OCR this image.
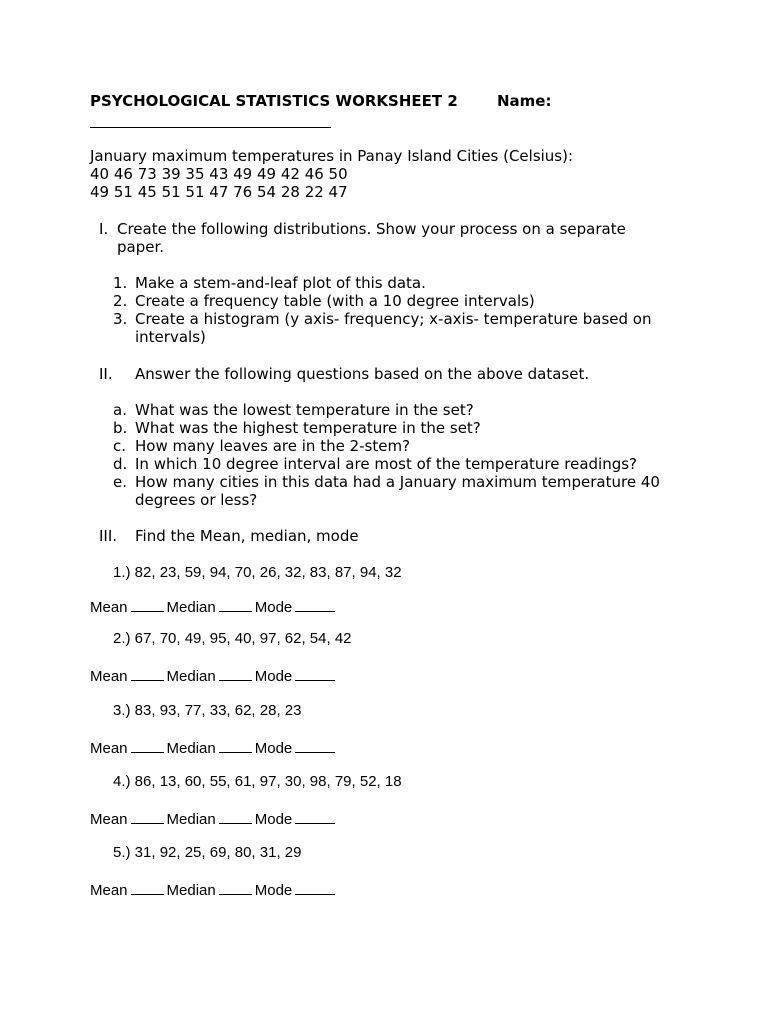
PSYCHOLOGICAL STATISTICS WORKSHEET 2	Name:
January maximum temperatures in Panay Island Cities (Celsius):
40 46 73 39 35 43 49 49 42 46 50
49 51 45 51 51 47 76 54 28 22 47
I. Create the following distributions. Show your process on a separate
paper.
1. Make a stem-and-leaf plot of this data.
2. Create a frequency table (with a 10 degree intervals)
3. Create a histogram (y axis- frequency; x-axis- temperature based on
intervals)
II. Answer the following questions based on the above dataset.
a. What was the lowest temperature in the set?
b. What was the highest temperature in the set?
c. How many leaves are in the 2-stem?
d. In which 10 degree interval are most of the temperature readings?
e. How many cities in this data had a January maximum temperature 40
degrees or less?
III. Find the Mean, median, mode
1.) 82, 23, 59, 94, 70, 26, 32, 83, 87, 94, 32
Mean	Median	Mode
2.) 67, 70, 49, 95, 40, 97, 62, 54, 42
Mean	Median	Mode
3.) 83, 93, 77, 33, 62, 28, 23
Mean	Median	Mode
4.) 86, 13, 60, 55, 61, 97, 30, 98, 79, 52, 18
Mean	Median	Mode
5.) 31, 92, 25, 69, 80, 31, 29
Mean	Median	Mode
